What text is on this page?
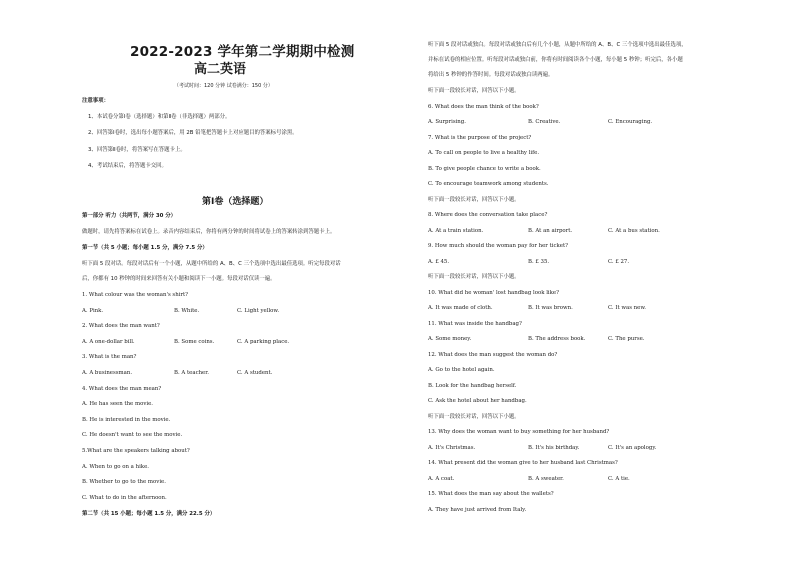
2022-2023 学年第二学期期中检测
高二英语
（考试时间：120 分钟 试卷满分：150 分）
注意事项：
1、本试卷分第Ⅰ卷（选择题）和第Ⅱ卷（非选择题）两部分。
2、回答第Ⅰ卷时，选出每小题答案后，用 2B 铅笔把答题卡上对应题目的答案标号涂黑。
3、回答第Ⅱ卷时，将答案写在答题卡上。
4、考试结束后，将答题卡交回。
第Ⅰ卷（选择题）
第一部分 听力（共两节，满分 30 分）
做题时，请先将答案标在试卷上。录音内容结束后，你将有两分钟的时间将试卷上的答案转涂到答题卡上。
第一节（共 5 小题；每小题 1.5 分，满分 7.5 分）
听下面 5 段对话。每段对话后有一个小题，从题中所给的 A、B、C 三个选项中选出最佳选项。听完每段对话
后，你都有 10 秒钟的时间来回答有关小题和阅读下一小题。每段对话仅读一遍。
1. What colour was the woman's shirt?
A. Pink.	B. White.	C. Light yellow.
2. What does the man want?
A. A one-dollar bill.	B. Some coins.	C. A parking place.
3. What is the man?
A. A businessman.	B. A teacher.	C. A student.
4. What does the man mean?
A. He has seen the movie.
B. He is interested in the movie.
C. He doesn't want to see the movie.
5.What are the speakers talking about?
A. When to go on a hike.
B. Whether to go to the movie.
C. What to do in the afternoon.
第二节（共 15 小题；每小题 1.5 分，满分 22.5 分）
听下面 5 段对话或独白。每段对话或独白后有几个小题，从题中所给的 A、B、C 三个选项中选出最佳选项，
并标在试卷的相应位置。听每段对话或独白前，你将有时间阅读各个小题，每小题 5 秒钟；听完后，各小题
将给出 5 秒钟的作答时间。每段对话或独白读两遍。
听下面一段较长对话，回答以下小题。
6. What does the man think of the book?
A. Surprising.	B. Creative.	C. Encouraging.
7. What is the purpose of the project?
A. To call on people to live a healthy life.
B. To give people chance to write a book.
C. To encourage teamwork among students.
听下面一段较长对话，回答以下小题。
8. Where does the conversation take place?
A. At a train station.	B. At an airport.	C. At a bus station.
9. How much should the woman pay for her ticket?
A. £ 45.	B. £ 35.	C. £ 27.
听下面一段较长对话，回答以下小题。
10. What did he woman' lost handbag look like?
A. It was made of cloth.	B. It was brown.	C. It was new.
11. What was inside the handbag?
A. Some money.	B. The address book.	C. The purse.
12. What does the man suggest the woman do?
A. Go to the hotel again.
B. Look for the handbag herself.
C. Ask the hotel about her handbag.
听下面一段较长对话，回答以下小题。
13. Why does the woman want to buy something for her husband?
A. It's Christmas.	B. It's his birthday.	C. It's an apology.
14. What present did the woman give to her husband last Christmas?
A. A coat.	B. A sweater.	C. A tie.
15. What does the man say about the wallets?
A. They have just arrived from Italy.
